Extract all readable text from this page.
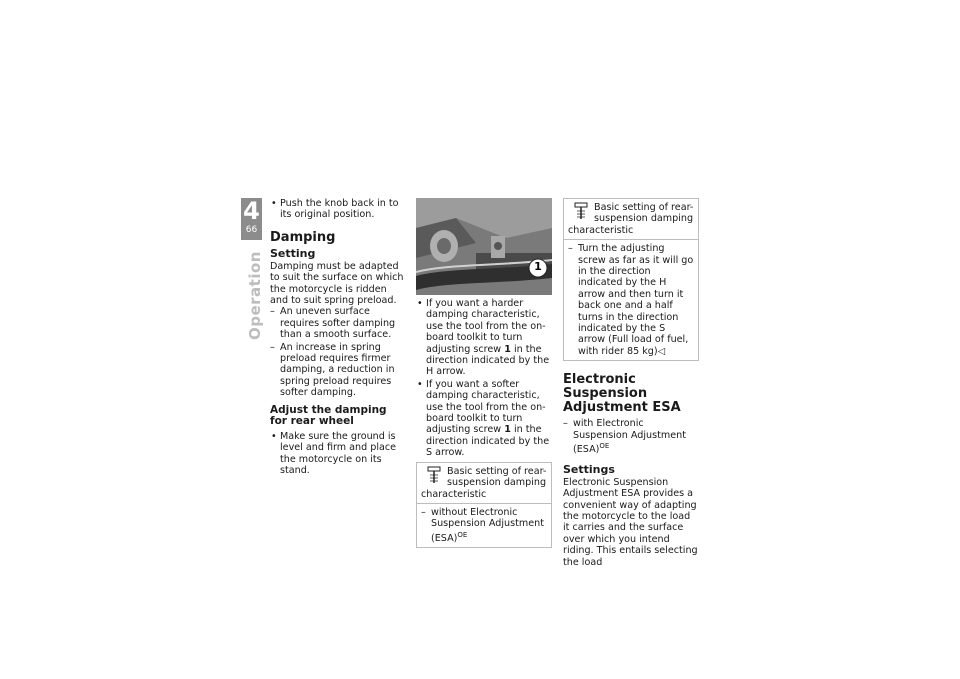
4
66
Operation
• Push the knob back in to its original position.
Damping
Setting

Damping must be adapted to suit the surface on which the motorcycle is ridden and to suit spring preload.

– An uneven surface requires softer damping than a smooth surface.
– An increase in spring preload requires firmer damping, a reduction in spring preload requires softer damping.
Adjust the damping for rear wheel
• Make sure the ground is level and firm and place the motorcycle on its stand.
1
• If you want a harder damping characteristic, use the tool from the on-board toolkit to turn adjusting screw 1 in the direction indicated by the H arrow.
• If you want a softer damping characteristic, use the tool from the on-board toolkit to turn adjusting screw 1 in the direction indicated by the S arrow.
Basic setting of rear-suspension damping characteristic
– without Electronic Suspension Adjustment (ESA)$^{OE}$
Basic setting of rear-suspension damping characteristic
– Turn the adjusting screw as far as it will go in the direction indicated by the H arrow and then turn it back one and a half turns in the direction indicated by the S arrow (Full load of fuel, with rider 85 kg)◁
Electronic Suspension Adjustment ESA
– with Electronic Suspension Adjustment (ESA)$^{OE}$
Settings

Electronic Suspension Adjustment ESA provides a convenient way of adapting the motorcycle to the load it carries and the surface over which you intend riding. This entails selecting the load
